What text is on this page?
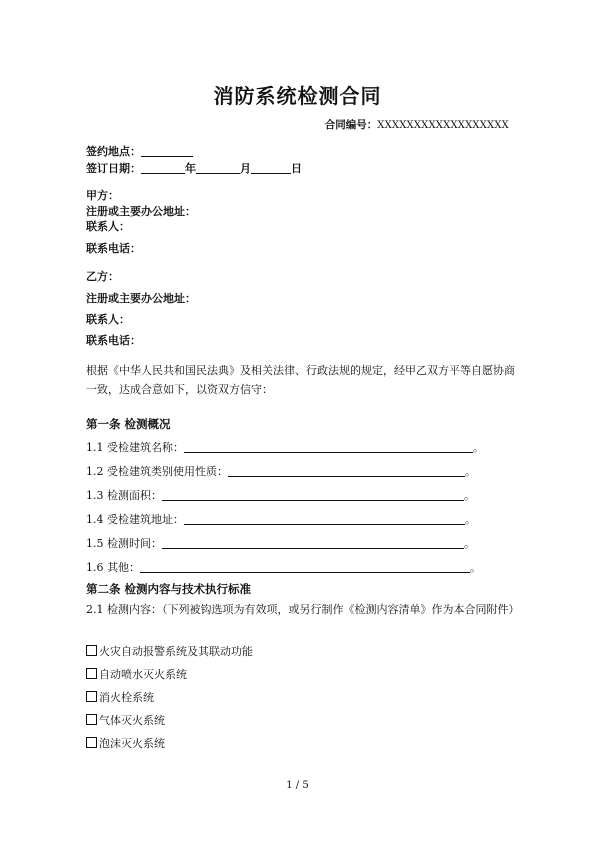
消防系统检测合同
合同编号：XXXXXXXXXXXXXXXXXX
签约地点：
签订日期：	年	月	日
甲方：
注册或主要办公地址：
联系人：
联系电话：
乙方：
注册或主要办公地址：
联系人：
联系电话：
根据《中华人民共和国民法典》及相关法律、行政法规的规定，经甲乙双方平等自愿协商一致，达成合意如下，以资双方信守：
第一条 检测概况
1.1 受检建筑名称：	。
1.2 受检建筑类别使用性质：	。
1.3 检测面积：	。
1.4 受检建筑地址：	。
1.5 检测时间：	。
1.6 其他：	。
第二条 检测内容与技术执行标准
2.1 检测内容：（下列被钩选项为有效项，或另行制作《检测内容清单》作为本合同附件）
火灾自动报警系统及其联动功能
自动喷水灭火系统
消火栓系统
气体灭火系统
泡沫灭火系统
1 / 5
